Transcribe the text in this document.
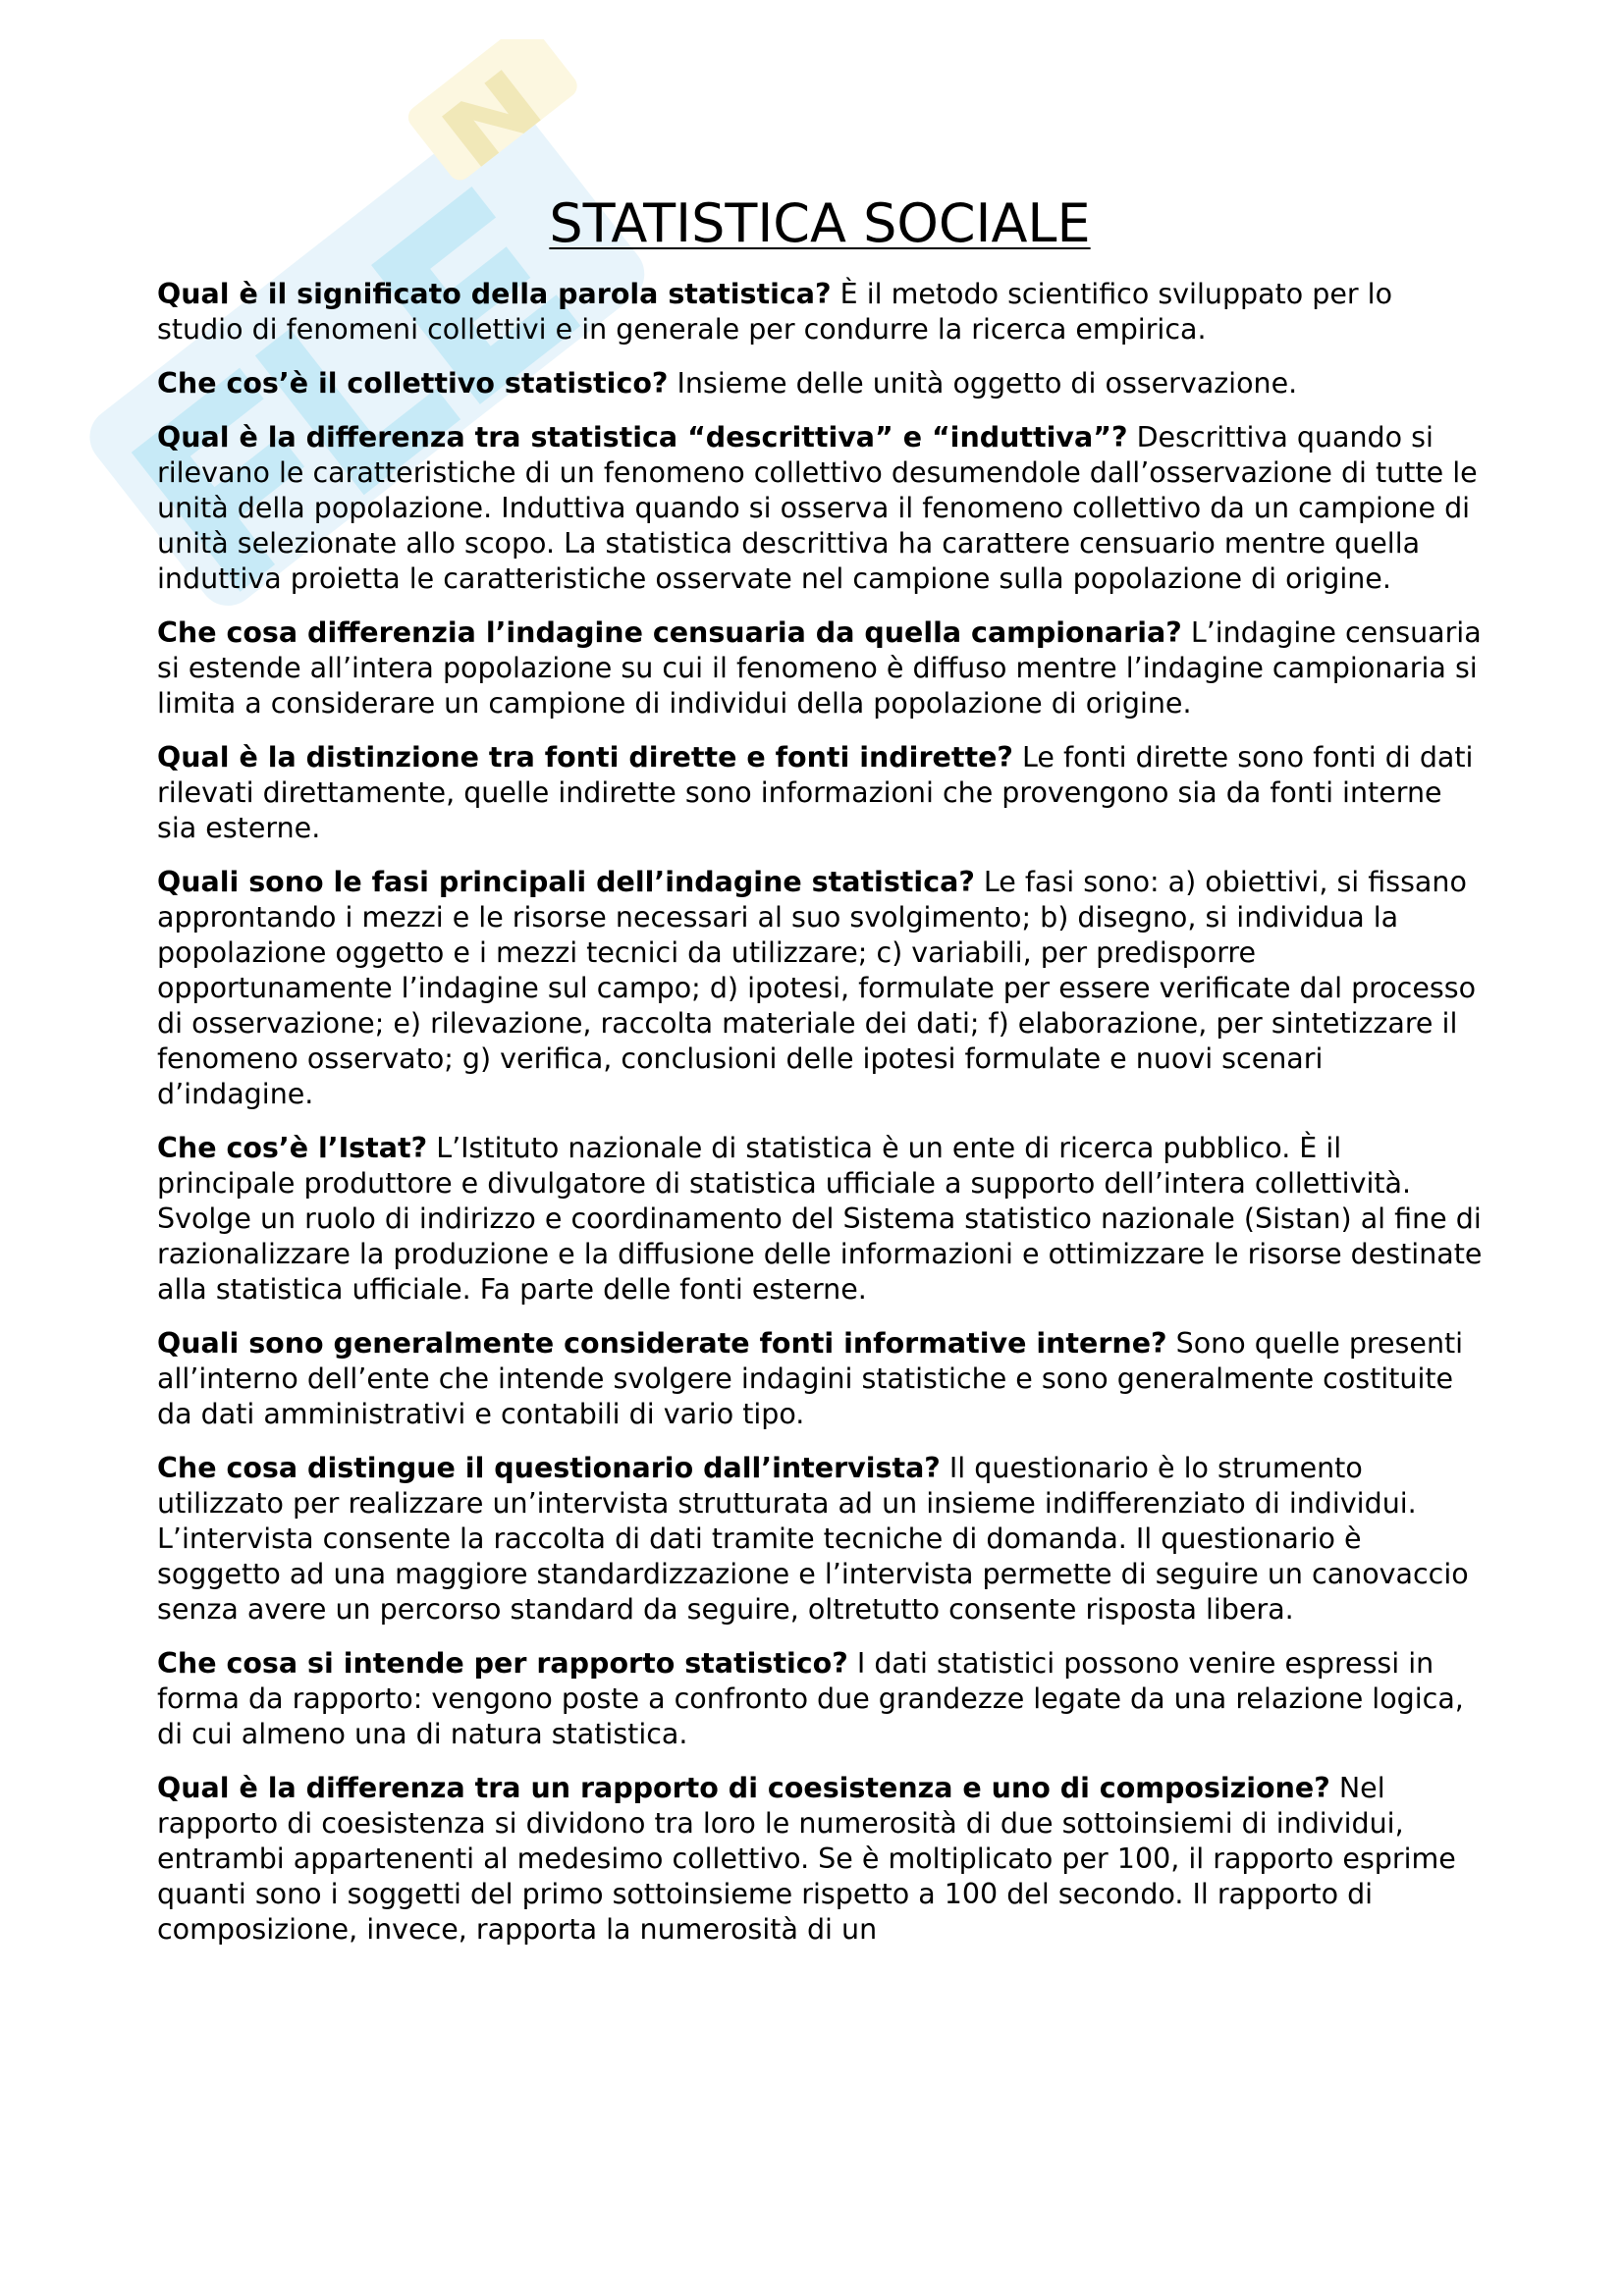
STATISTICA SOCIALE

Qual è il significato della parola statistica? È il metodo scientifico sviluppato per lo studio di fenomeni collettivi e in generale per condurre la ricerca empirica.

Che cos’è il collettivo statistico? Insieme delle unità oggetto di osservazione.

Qual è la differenza tra statistica “descrittiva” e “induttiva”? Descrittiva quando si rilevano le caratteristiche di un fenomeno collettivo desumendole dall’osservazione di tutte le unità della popolazione. Induttiva quando si osserva il fenomeno collettivo da un campione di unità selezionate allo scopo. La statistica descrittiva ha carattere censuario mentre quella induttiva proietta le caratteristiche osservate nel campione sulla popolazione di origine.

Che cosa differenzia l’indagine censuaria da quella campionaria? L’indagine censuaria si estende all’intera popolazione su cui il fenomeno è diffuso mentre l’indagine campionaria si limita a considerare un campione di individui della popolazione di origine.

Qual è la distinzione tra fonti dirette e fonti indirette? Le fonti dirette sono fonti di dati rilevati direttamente, quelle indirette sono informazioni che provengono sia da fonti interne sia esterne.

Quali sono le fasi principali dell’indagine statistica? Le fasi sono: a) obiettivi, si fissano approntando i mezzi e le risorse necessari al suo svolgimento; b) disegno, si individua la popolazione oggetto e i mezzi tecnici da utilizzare; c) variabili, per predisporre opportunamente l’indagine sul campo; d) ipotesi, formulate per essere verificate dal processo di osservazione; e) rilevazione, raccolta materiale dei dati; f) elaborazione, per sintetizzare il fenomeno osservato; g) verifica, conclusioni delle ipotesi formulate e nuovi scenari d’indagine.

Che cos’è l’Istat? L’Istituto nazionale di statistica è un ente di ricerca pubblico. È il principale produttore e divulgatore di statistica ufficiale a supporto dell’intera collettività. Svolge un ruolo di indirizzo e coordinamento del Sistema statistico nazionale (Sistan) al fine di razionalizzare la produzione e la diffusione delle informazioni e ottimizzare le risorse destinate alla statistica ufficiale. Fa parte delle fonti esterne.

Quali sono generalmente considerate fonti informative interne? Sono quelle presenti all’interno dell’ente che intende svolgere indagini statistiche e sono generalmente costituite da dati amministrativi e contabili di vario tipo.

Che cosa distingue il questionario dall’intervista? Il questionario è lo strumento utilizzato per realizzare un’intervista strutturata ad un insieme indifferenziato di individui. L’intervista consente la raccolta di dati tramite tecniche di domanda. Il questionario è soggetto ad una maggiore standardizzazione e l’intervista permette di seguire un canovaccio senza avere un percorso standard da seguire, oltretutto consente risposta libera.

Che cosa si intende per rapporto statistico? I dati statistici possono venire espressi in forma da rapporto: vengono poste a confronto due grandezze legate da una relazione logica, di cui almeno una di natura statistica.

Qual è la differenza tra un rapporto di coesistenza e uno di composizione? Nel rapporto di coesistenza si dividono tra loro le numerosità di due sottoinsiemi di individui, entrambi appartenenti al medesimo collettivo. Se è moltiplicato per 100, il rapporto esprime quanti sono i soggetti del primo sottoinsieme rispetto a 100 del secondo. Il rapporto di composizione, invece, rapporta la numerosità di un
